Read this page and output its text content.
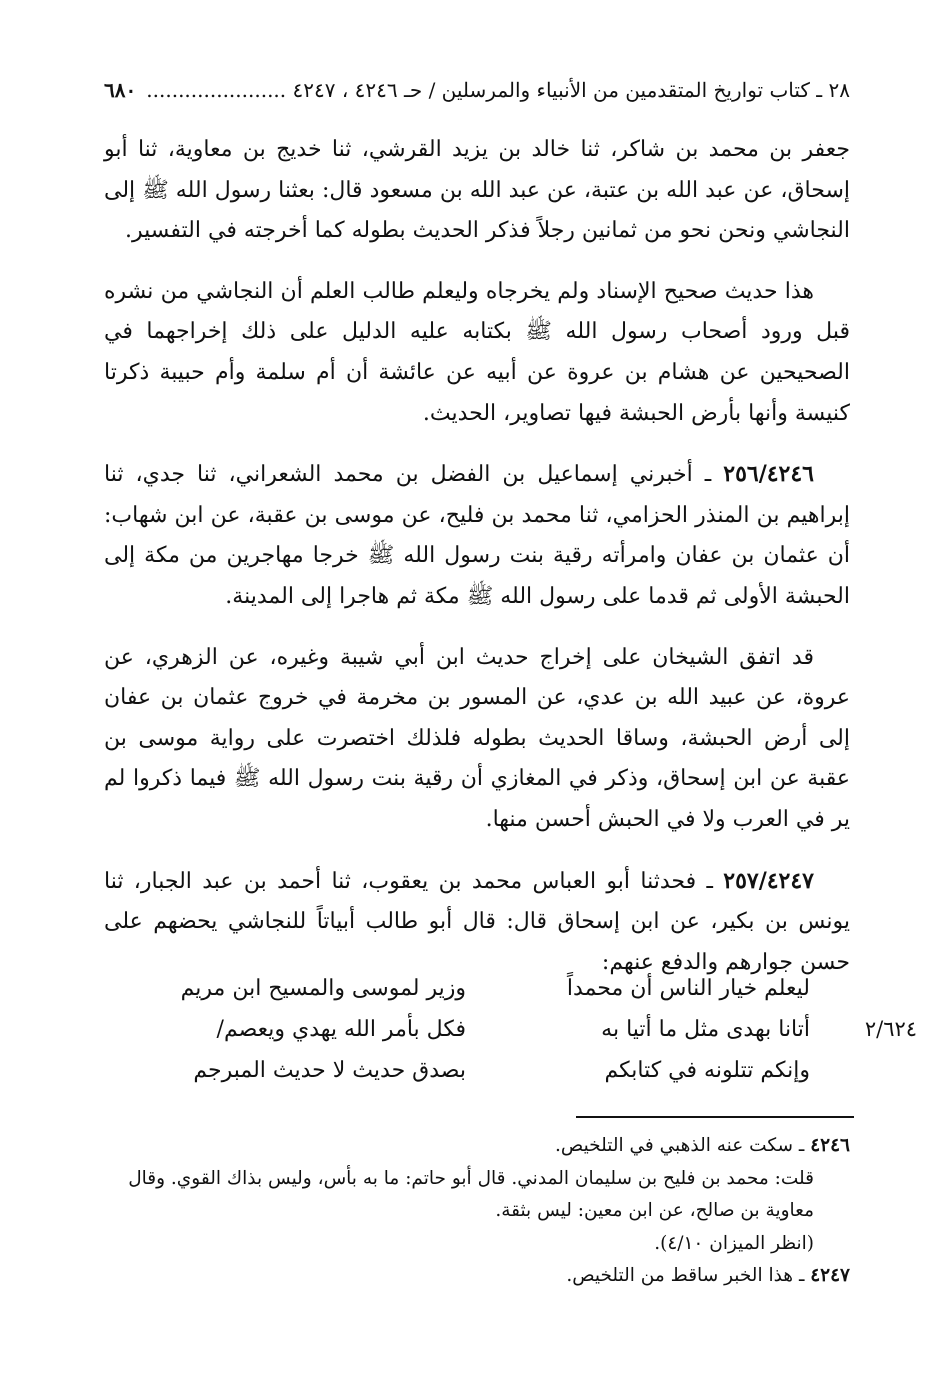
٦٨٠	٢٨ ـ كتاب تواريخ المتقدمين من الأنبياء والمرسلين / حـ ٤٢٤٦ ، ٤٢٤٧ ......................

جعفر بن محمد بن شاكر، ثنا خالد بن يزيد القرشي، ثنا خديج بن معاوية، ثنا أبو إسحاق، عن عبد الله بن عتبة، عن عبد الله بن مسعود قال: بعثنا رسول الله ﷺ إلى النجاشي ونحن نحو من ثمانين رجلاً فذكر الحديث بطوله كما أخرجته في التفسير.

هذا حديث صحيح الإسناد ولم يخرجاه وليعلم طالب العلم أن النجاشي من نشره قبل ورود أصحاب رسول الله ﷺ بكتابه عليه الدليل على ذلك إخراجهما في الصحيحين عن هشام بن عروة عن أبيه عن عائشة أن أم سلمة وأم حبيبة ذكرتا كنيسة وأنها بأرض الحبشة فيها تصاوير، الحديث.

٢٥٦/٤٢٤٦ ـ أخبرني إسماعيل بن الفضل بن محمد الشعراني، ثنا جدي، ثنا إبراهيم بن المنذر الحزامي، ثنا محمد بن فليح، عن موسى بن عقبة، عن ابن شهاب: أن عثمان بن عفان وامرأته رقية بنت رسول الله ﷺ خرجا مهاجرين من مكة إلى الحبشة الأولى ثم قدما على رسول الله ﷺ مكة ثم هاجرا إلى المدينة.

قد اتفق الشيخان على إخراج حديث ابن أبي شيبة وغيره، عن الزهري، عن عروة، عن عبيد الله بن عدي، عن المسور بن مخرمة في خروج عثمان بن عفان إلى أرض الحبشة، وساقا الحديث بطوله فلذلك اختصرت على رواية موسى بن عقبة عن ابن إسحاق، وذكر في المغازي أن رقية بنت رسول الله ﷺ فيما ذكروا لم ير في العرب ولا في الحبش أحسن منها.

٢٥٧/٤٢٤٧ ـ فحدثنا أبو العباس محمد بن يعقوب، ثنا أحمد بن عبد الجبار، ثنا يونس بن بكير، عن ابن إسحاق قال: قال أبو طالب أبياتاً للنجاشي يحضهم على حسن جوارهم والدفع عنهم:

ليعلم خيار الناس أن محمداً
وزير لموسى والمسيح ابن مريم
أتانا بهدى مثل ما أتيا به
فكل بأمر الله يهدي ويعصم/
وإنكم تتلونه في كتابكم
بصدق حديث لا حديث المبرجم
٢/٦٢٤

٤٢٤٦ ـ سكت عنه الذهبي في التلخيص.

قلت: محمد بن فليح بن سليمان المدني. قال أبو حاتم: ما به بأس، وليس بذاك القوي. وقال معاوية بن صالح، عن ابن معين: ليس بثقة.

(انظر الميزان ٤/١٠).

٤٢٤٧ ـ هذا الخبر ساقط من التلخيص.
